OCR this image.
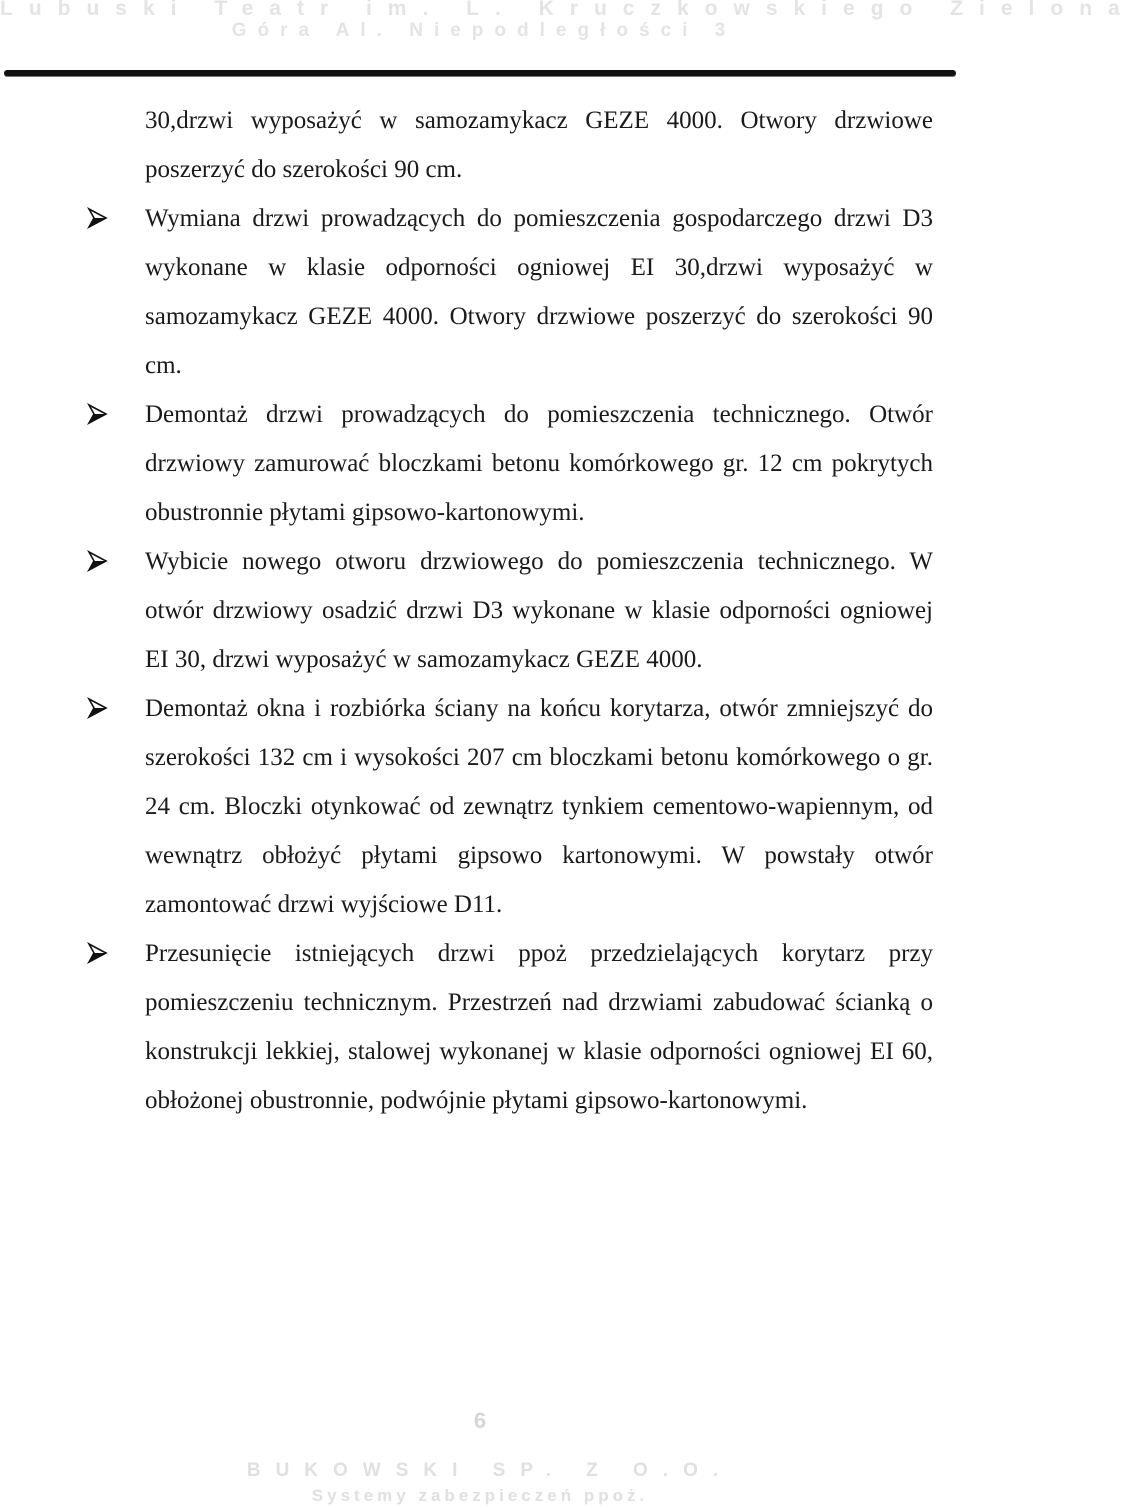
Lubuski Teatr im. L. Kruczkowskiego Zielona
Góra Al. Niepodległości 3
30,drzwi wyposażyć w samozamykacz GEZE 4000. Otwory drzwiowe poszerzyć do szerokości 90 cm.
Wymiana drzwi prowadzących do pomieszczenia gospodarczego drzwi D3 wykonane w klasie odporności ogniowej EI 30,drzwi wyposażyć w samozamykacz GEZE 4000. Otwory drzwiowe poszerzyć do szerokości 90 cm.
Demontaż drzwi prowadzących do pomieszczenia technicznego. Otwór drzwiowy zamurować bloczkami betonu komórkowego gr. 12 cm pokrytych obustronnie płytami gipsowo-kartonowymi.
Wybicie nowego otworu drzwiowego do pomieszczenia technicznego. W otwór drzwiowy osadzić drzwi D3 wykonane w klasie odporności ogniowej EI 30, drzwi wyposażyć w samozamykacz GEZE 4000.
Demontaż okna i rozbiórka ściany na końcu korytarza, otwór zmniejszyć do szerokości 132 cm i wysokości 207 cm bloczkami betonu komórkowego o gr. 24 cm. Bloczki otynkować od zewnątrz tynkiem cementowo-wapiennym, od wewnątrz obłożyć płytami gipsowo kartonowymi. W powstały otwór zamontować drzwi wyjściowe D11.
Przesunięcie istniejących drzwi ppoż przedzielających korytarz przy pomieszczeniu technicznym. Przestrzeń nad drzwiami zabudować ścianką o konstrukcji lekkiej, stalowej wykonanej w klasie odporności ogniowej EI 60, obłożonej obustronnie, podwójnie płytami gipsowo-kartonowymi.
6
BUKOWSKI SP. Z O.O.
Systemy zabezpieczeń ppoż.
